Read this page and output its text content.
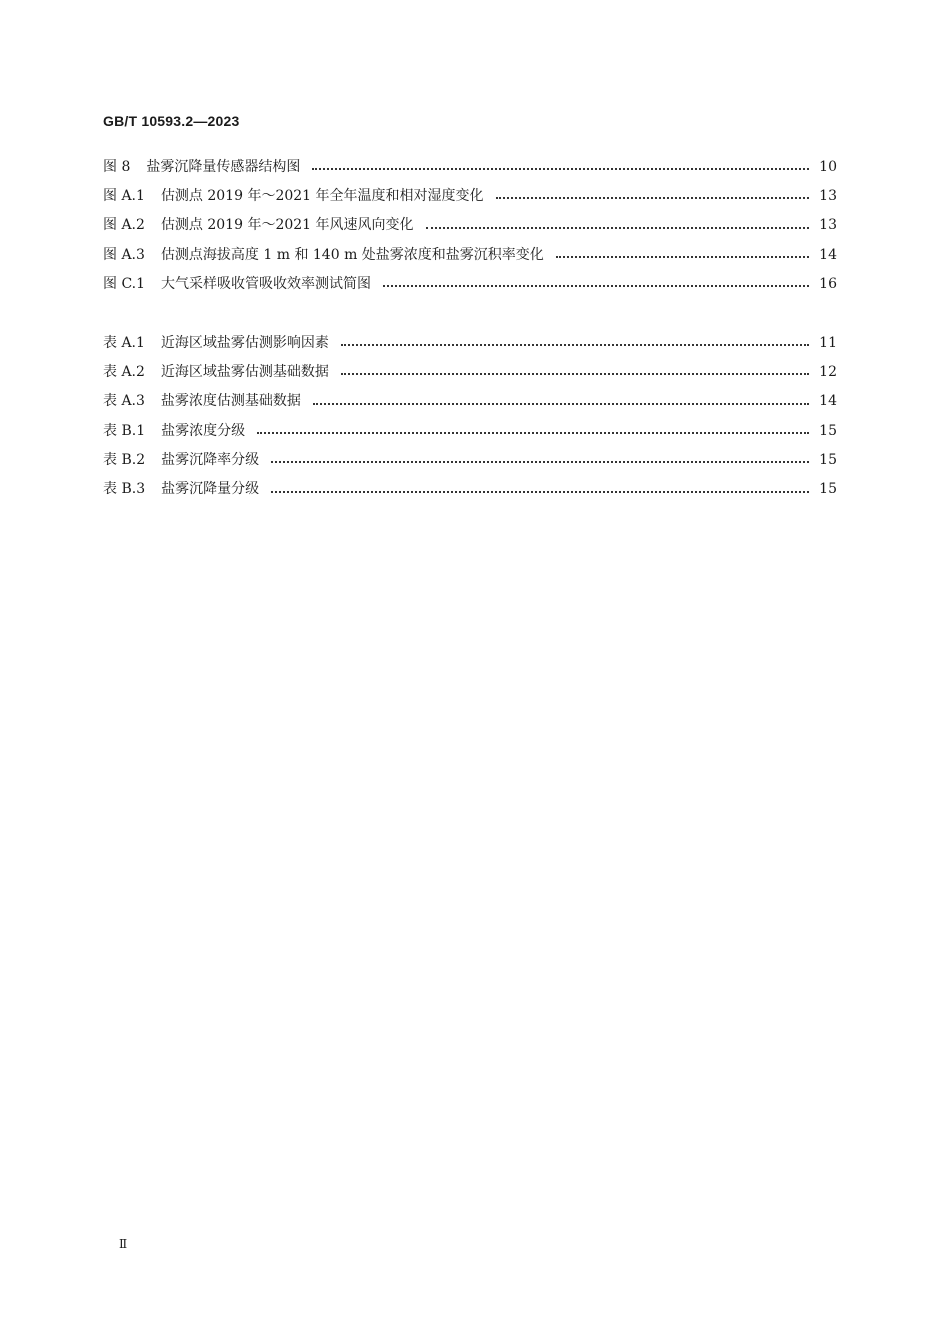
GB/T 10593.2—2023
图 8 盐雾沉降量传感器结构图	10
图 A.1 估测点 2019 年～2021 年全年温度和相对湿度变化	13
图 A.2 估测点 2019 年～2021 年风速风向变化	13
图 A.3 估测点海拔高度 1 m 和 140 m 处盐雾浓度和盐雾沉积率变化	14
图 C.1 大气采样吸收管吸收效率测试简图	16
表 A.1 近海区域盐雾估测影响因素	11
表 A.2 近海区域盐雾估测基础数据	12
表 A.3 盐雾浓度估测基础数据	14
表 B.1 盐雾浓度分级	15
表 B.2 盐雾沉降率分级	15
表 B.3 盐雾沉降量分级	15
Ⅱ
